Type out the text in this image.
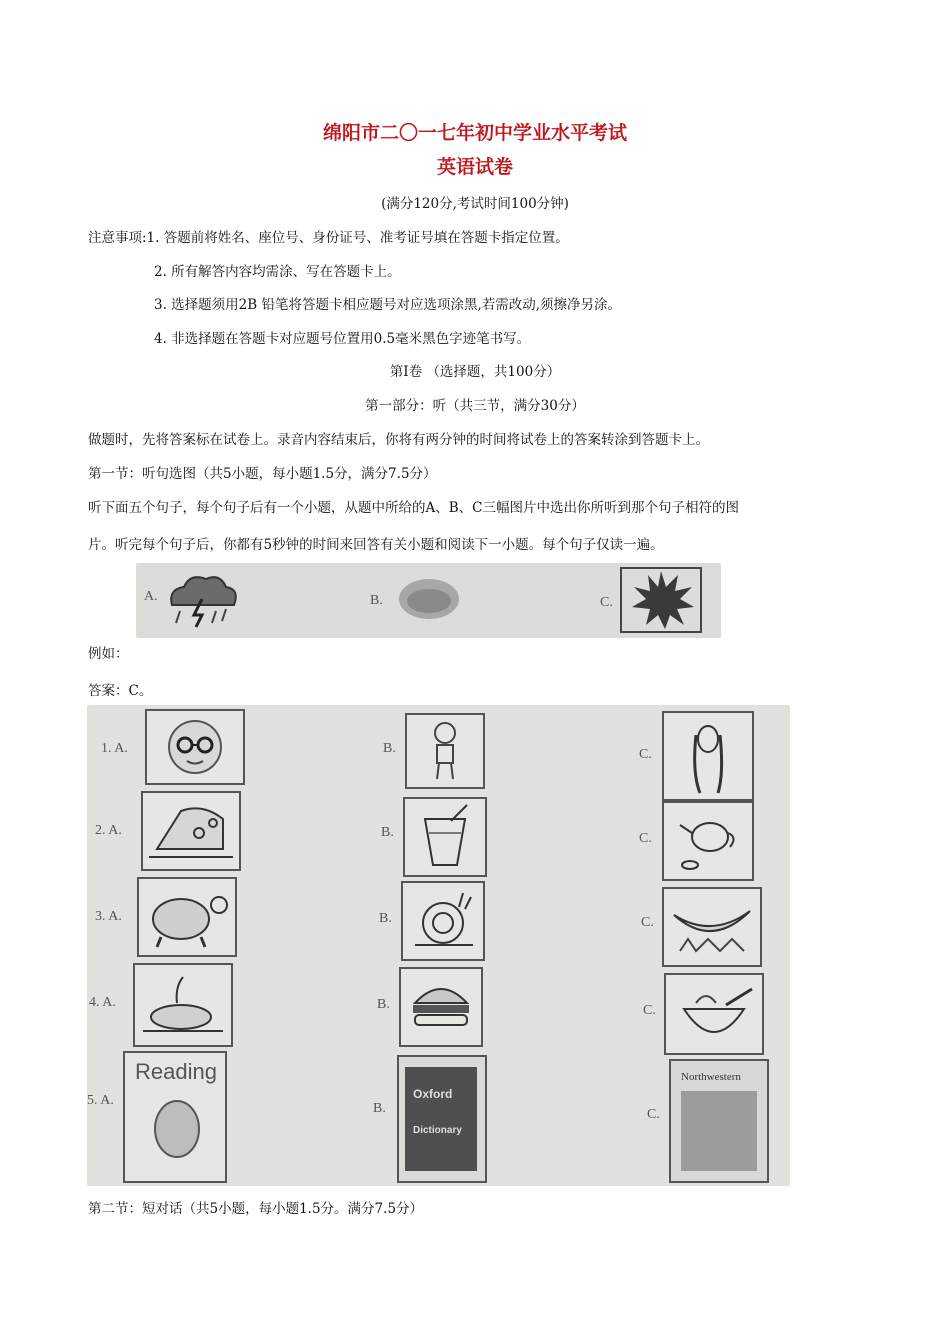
绵阳市二〇一七年初中学业水平考试
英语试卷
(满分120分,考试时间100分钟)
注意事项:1. 答题前将姓名、座位号、身份证号、准考证号填在答题卡指定位置。
2. 所有解答内容均需涂、写在答题卡上。
3. 选择题须用2B 铅笔将答题卡相应题号对应选项涂黑,若需改动,须擦净另涂。
4. 非选择题在答题卡对应题号位置用0.5毫米黑色字迹笔书写。
第Ⅰ卷 （选择题，共100分）
第一部分：听（共三节，满分30分）
做题时，先将答案标在试卷上。录音内容结束后，你将有两分钟的时间将试卷上的答案转涂到答题卡上。
第一节：听句选图（共5小题，每小题1.5分，满分7.5分）
听下面五个句子，每个句子后有一个小题，从题中所给的A、B、C三幅图片中选出你所听到那个句子相符的图
片。听完每个句子后，你都有5秒钟的时间来回答有关小题和阅读下一小题。每个句子仅读一遍。
A.	B.	C.
例如：
答案：C。
1. A.	B.	C.
2. A.	B.	C.
3. A.	B.	C.
4. A.	B.	C.
5. A.
Reading
B.
Oxford
Dictionary
C.
Northwestern
第二节：短对话（共5小题，每小题1.5分。满分7.5分）
